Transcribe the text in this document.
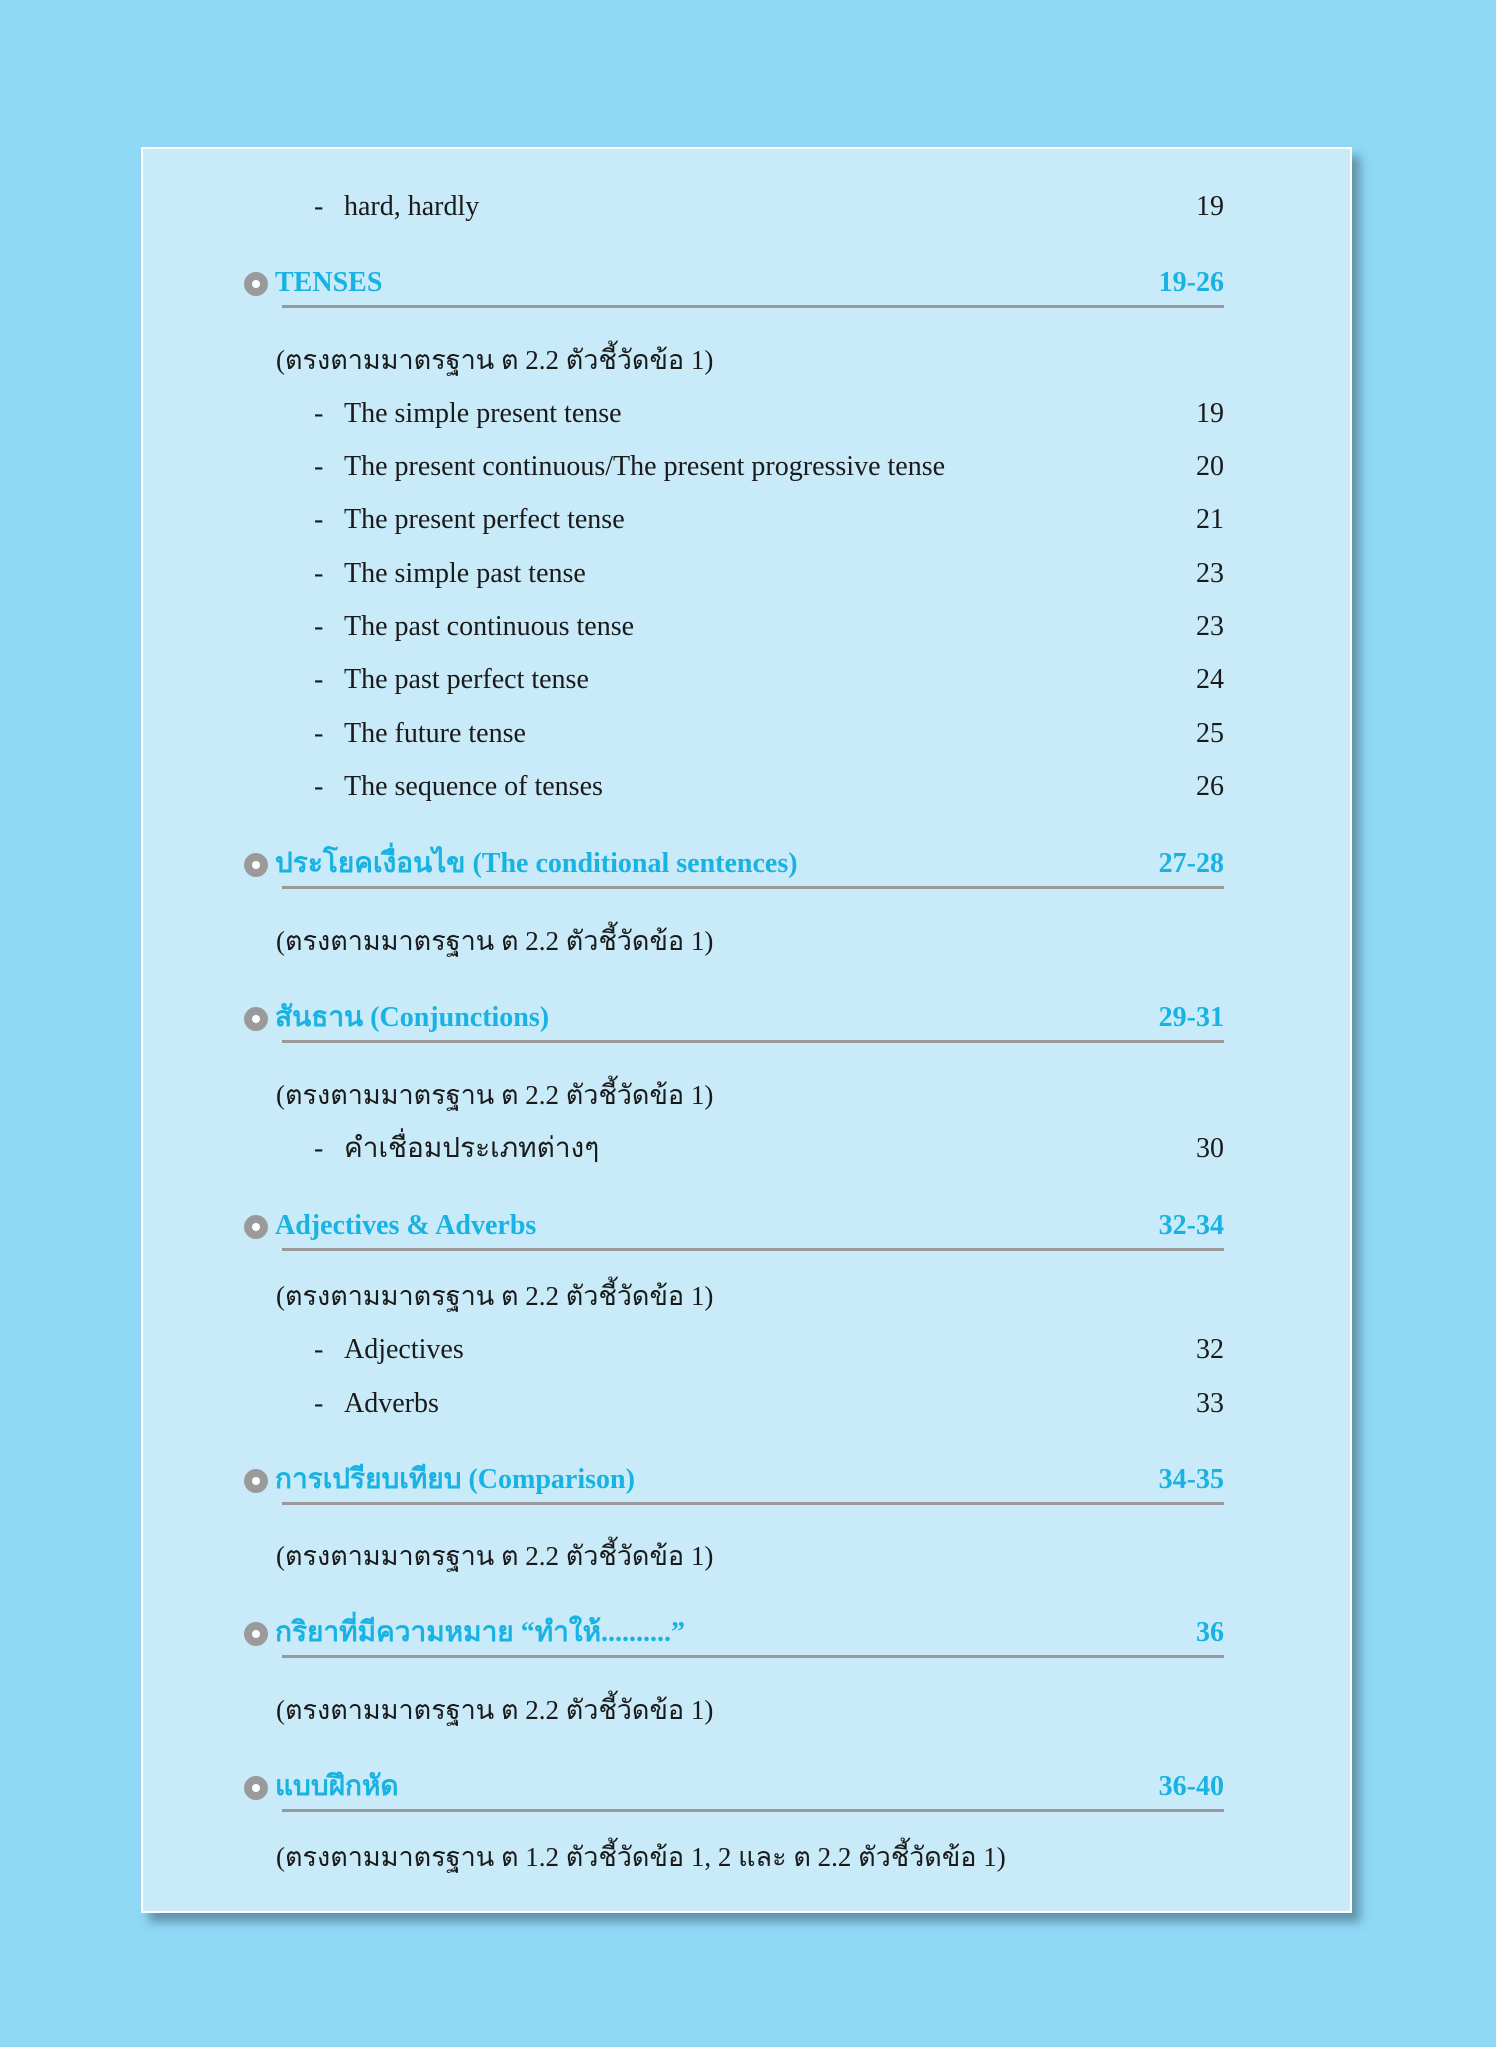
- hard, hardly	19
TENSES	19-26
(ตรงตามมาตรฐาน ต 2.2 ตัวชี้วัดข้อ 1)
- The simple present tense	19
- The present continuous/The present progressive tense	20
- The present perfect tense	21
- The simple past tense	23
- The past continuous tense	23
- The past perfect tense	24
- The future tense	25
- The sequence of tenses	26
ประโยคเงื่อนไข (The conditional sentences)	27-28
(ตรงตามมาตรฐาน ต 2.2 ตัวชี้วัดข้อ 1)
สันธาน (Conjunctions)	29-31
(ตรงตามมาตรฐาน ต 2.2 ตัวชี้วัดข้อ 1)
- คำเชื่อมประเภทต่างๆ	30
Adjectives & Adverbs	32-34
(ตรงตามมาตรฐาน ต 2.2 ตัวชี้วัดข้อ 1)
- Adjectives	32
- Adverbs	33
การเปรียบเทียบ (Comparison)	34-35
(ตรงตามมาตรฐาน ต 2.2 ตัวชี้วัดข้อ 1)
กริยาที่มีความหมาย “ทำให้..........”	36
(ตรงตามมาตรฐาน ต 2.2 ตัวชี้วัดข้อ 1)
แบบฝึกหัด	36-40
(ตรงตามมาตรฐาน ต 1.2 ตัวชี้วัดข้อ 1, 2 และ ต 2.2 ตัวชี้วัดข้อ 1)
